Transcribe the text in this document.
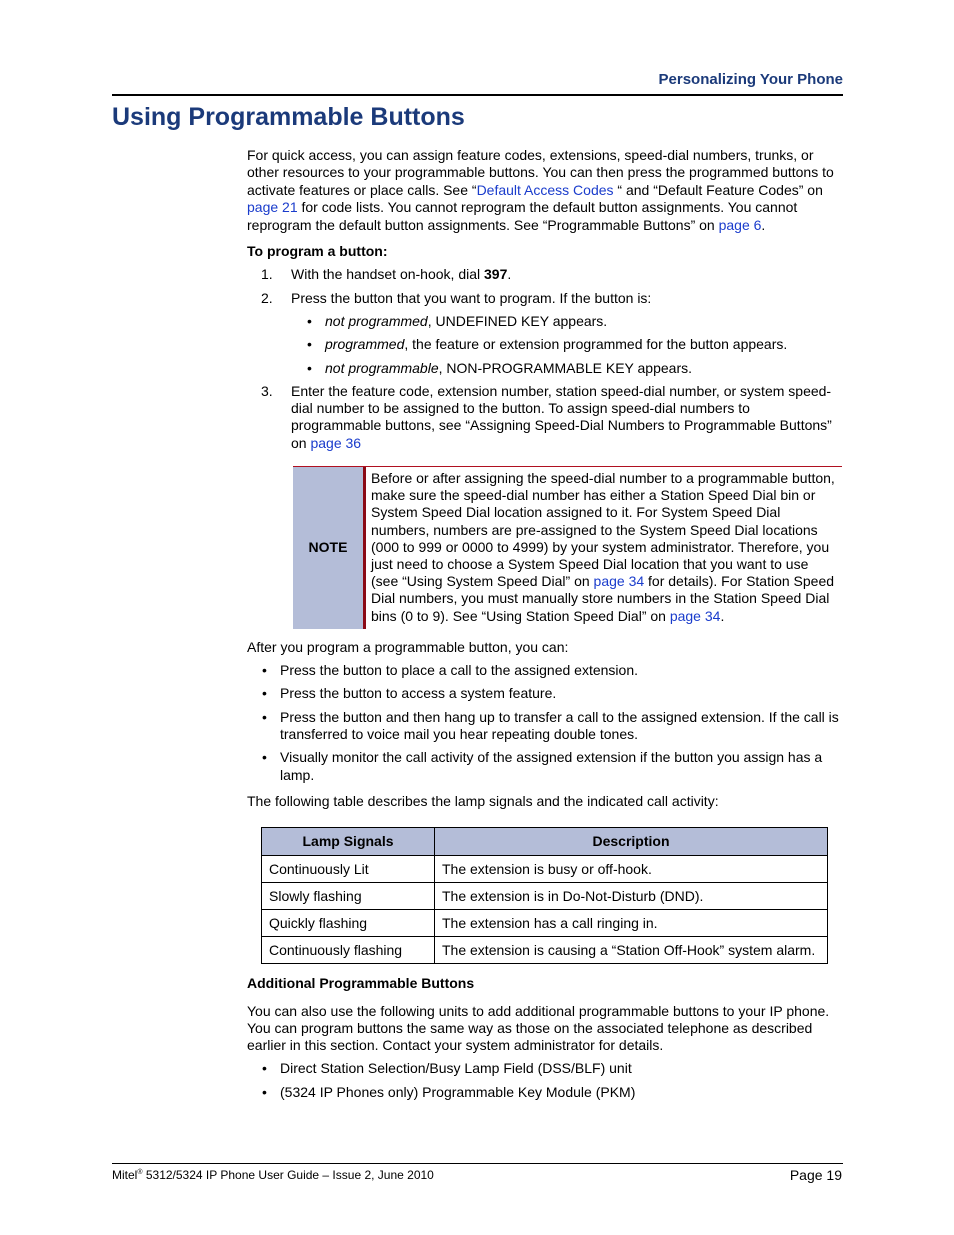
Personalizing Your Phone
Using Programmable Buttons

For quick access, you can assign feature codes, extensions, speed-dial numbers, trunks, or other resources to your programmable buttons. You can then press the programmed buttons to activate features or place calls. See “Default Access Codes “ and “Default Feature Codes” on page 21 for code lists. You cannot reprogram the default button assignments. You cannot reprogram the default button assignments. See “Programmable Buttons” on page 6.

To program a button:

1. With the handset on-hook, dial 397.
2. Press the button that you want to program. If the button is:
• not programmed, UNDEFINED KEY appears.
• programmed, the feature or extension programmed for the button appears.
• not programmable, NON-PROGRAMMABLE KEY appears.
3. Enter the feature code, extension number, station speed-dial number, or system speed-dial number to be assigned to the button. To assign speed-dial numbers to programmable buttons, see “Assigning Speed-Dial Numbers to Programmable Buttons” on page 36
NOTE
Before or after assigning the speed-dial number to a programmable button, make sure the speed-dial number has either a Station Speed Dial bin or System Speed Dial location assigned to it. For System Speed Dial numbers, numbers are pre-assigned to the System Speed Dial locations (000 to 999 or 0000 to 4999) by your system administrator. Therefore, you just need to choose a System Speed Dial location that you want to use (see “Using System Speed Dial” on page 34 for details). For Station Speed Dial numbers, you must manually store numbers in the Station Speed Dial bins (0 to 9). See “Using Station Speed Dial” on page 34.

After you program a programmable button, you can:

• Press the button to place a call to the assigned extension.
• Press the button to access a system feature.
• Press the button and then hang up to transfer a call to the assigned extension. If the call is transferred to voice mail you hear repeating double tones.
• Visually monitor the call activity of the assigned extension if the button you assign has a lamp.

The following table describes the lamp signals and the indicated call activity:

Lamp Signals	Description
Continuously Lit	The extension is busy or off-hook.
Slowly flashing	The extension is in Do-Not-Disturb (DND).
Quickly flashing	The extension has a call ringing in.
Continuously flashing	The extension is causing a “Station Off-Hook” system alarm.

Additional Programmable Buttons

You can also use the following units to add additional programmable buttons to your IP phone. You can program buttons the same way as those on the associated telephone as described earlier in this section. Contact your system administrator for details.

• Direct Station Selection/Busy Lamp Field (DSS/BLF) unit
• (5324 IP Phones only) Programmable Key Module (PKM)
Mitel® 5312/5324 IP Phone User Guide – Issue 2, June 2010	Page 19
